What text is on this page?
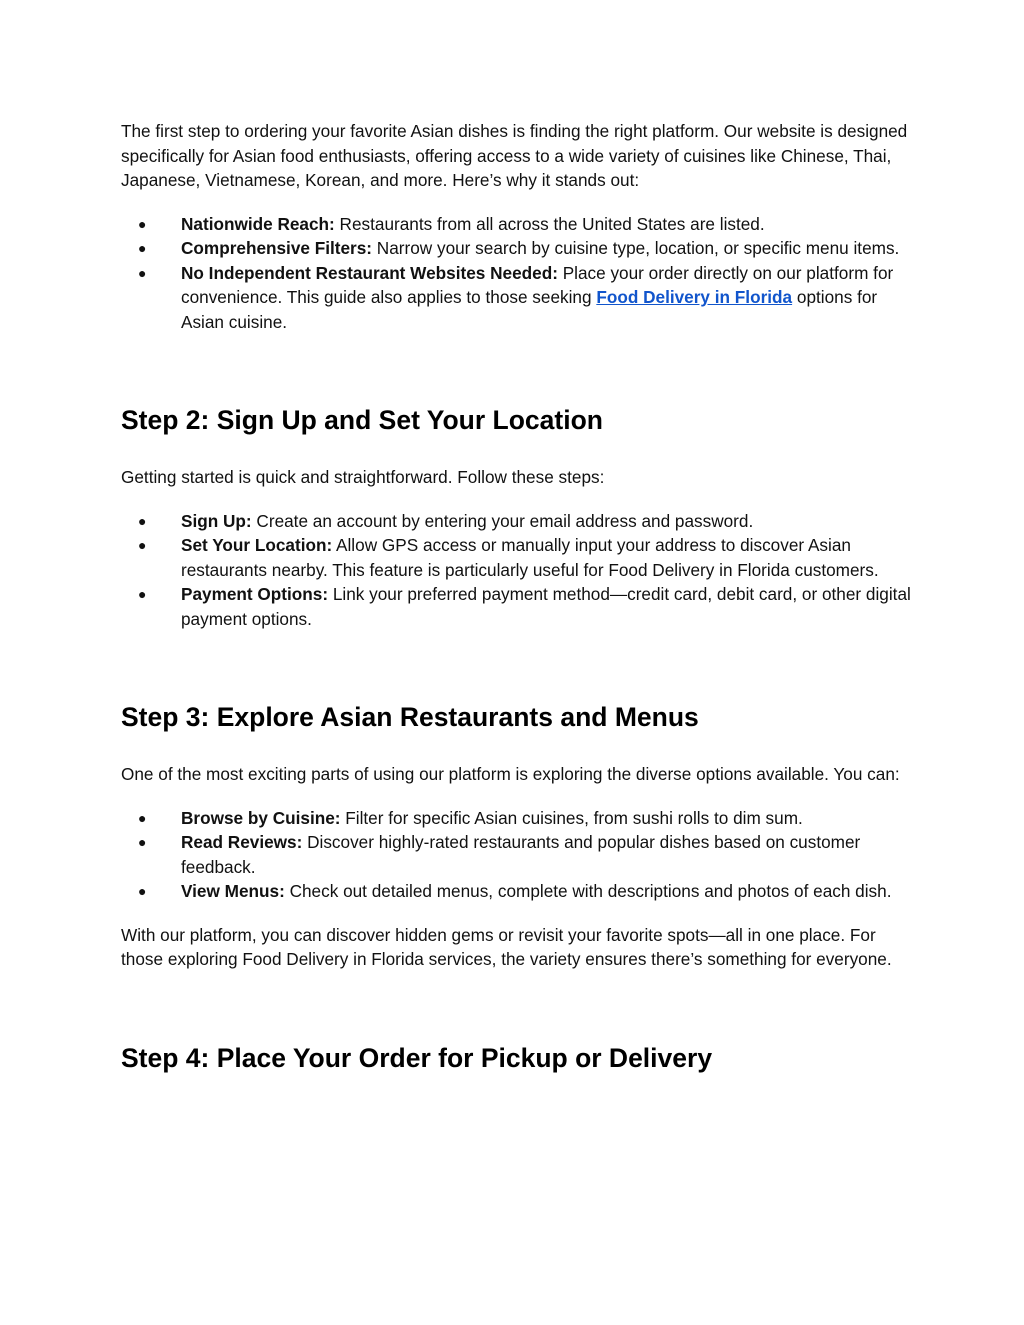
The first step to ordering your favorite Asian dishes is finding the right platform. Our website is designed specifically for Asian food enthusiasts, offering access to a wide variety of cuisines like Chinese, Thai, Japanese, Vietnamese, Korean, and more. Here’s why it stands out:

● Nationwide Reach: Restaurants from all across the United States are listed.
● Comprehensive Filters: Narrow your search by cuisine type, location, or specific menu items.
● No Independent Restaurant Websites Needed: Place your order directly on our platform for convenience. This guide also applies to those seeking Food Delivery in Florida options for Asian cuisine.
Step 2: Sign Up and Set Your Location

Getting started is quick and straightforward. Follow these steps:

● Sign Up: Create an account by entering your email address and password.
● Set Your Location: Allow GPS access or manually input your address to discover Asian restaurants nearby. This feature is particularly useful for Food Delivery in Florida customers.
● Payment Options: Link your preferred payment method—credit card, debit card, or other digital payment options.
Step 3: Explore Asian Restaurants and Menus

One of the most exciting parts of using our platform is exploring the diverse options available. You can:

● Browse by Cuisine: Filter for specific Asian cuisines, from sushi rolls to dim sum.
● Read Reviews: Discover highly-rated restaurants and popular dishes based on customer feedback.
● View Menus: Check out detailed menus, complete with descriptions and photos of each dish.

With our platform, you can discover hidden gems or revisit your favorite spots—all in one place. For those exploring Food Delivery in Florida services, the variety ensures there’s something for everyone.

Step 4: Place Your Order for Pickup or Delivery
